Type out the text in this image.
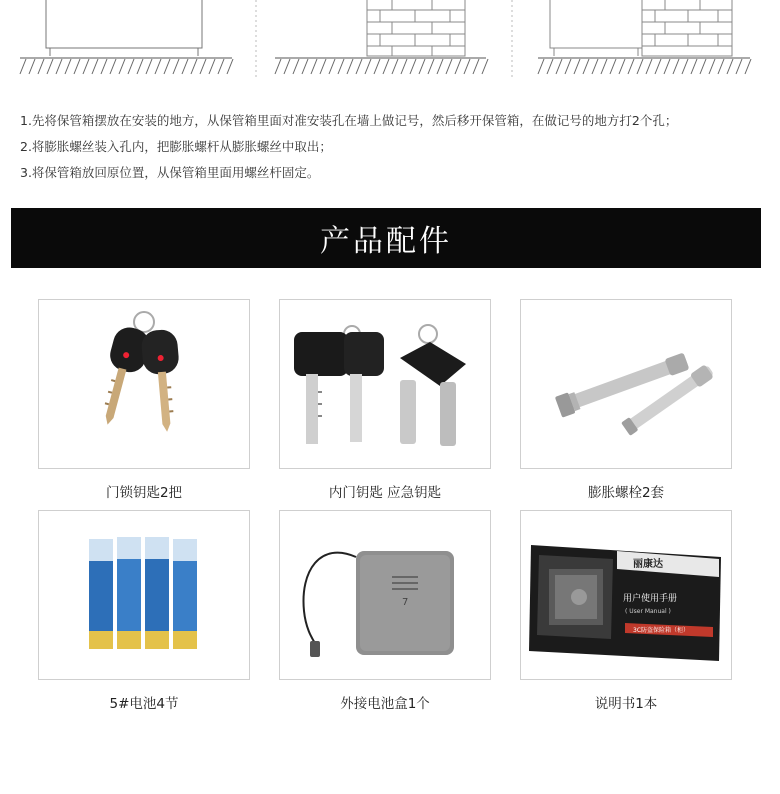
1.先将保管箱摆放在安装的地方，从保管箱里面对准安装孔在墙上做记号，然后移开保管箱，在做记号的地方打2个孔；
2.将膨胀螺丝装入孔内，把膨胀螺杆从膨胀螺丝中取出；
3.将保管箱放回原位置，从保管箱里面用螺丝杆固定。
产品配件
门锁钥匙2把	内门钥匙 应急钥匙	膨胀螺栓2套
5#电池4节
7
外接电池盒1个
丽康达
用户使用手册
( User Manual )
3C防盗保险箱（柜）
说明书1本
